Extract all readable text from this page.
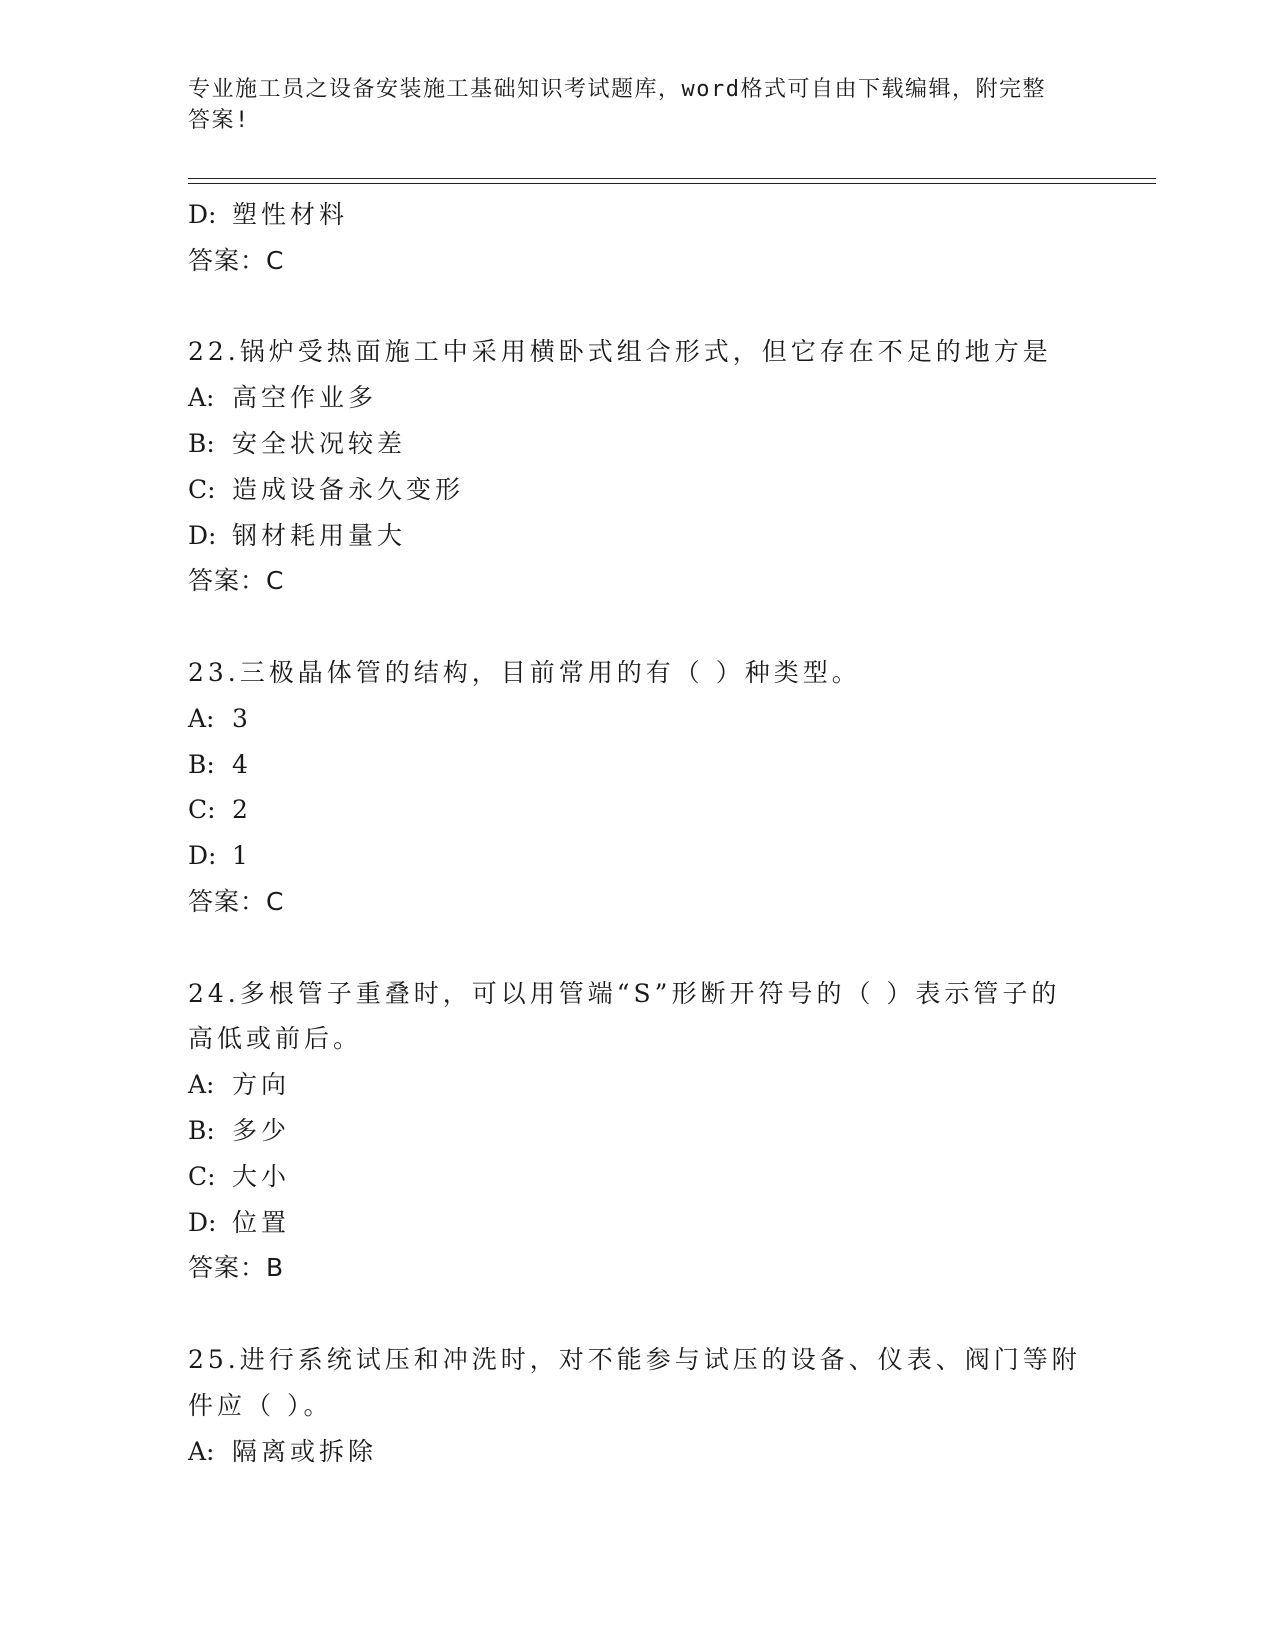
专业施工员之设备安装施工基础知识考试题库，word格式可自由下载编辑，附完整答案!
D: 塑性材料
答案：C
22.锅炉受热面施工中采用横卧式组合形式，但它存在不足的地方是
A: 高空作业多
B: 安全状况较差
C: 造成设备永久变形
D: 钢材耗用量大
答案：C
23.三极晶体管的结构，目前常用的有（ ）种类型。
A: 3
B: 4
C: 2
D: 1
答案：C
24.多根管子重叠时，可以用管端“S”形断开符号的（ ）表示管子的高低或前后。
A: 方向
B: 多少
C: 大小
D: 位置
答案：B
25.进行系统试压和冲洗时，对不能参与试压的设备、仪表、阀门等附件应（ ）。
A: 隔离或拆除
